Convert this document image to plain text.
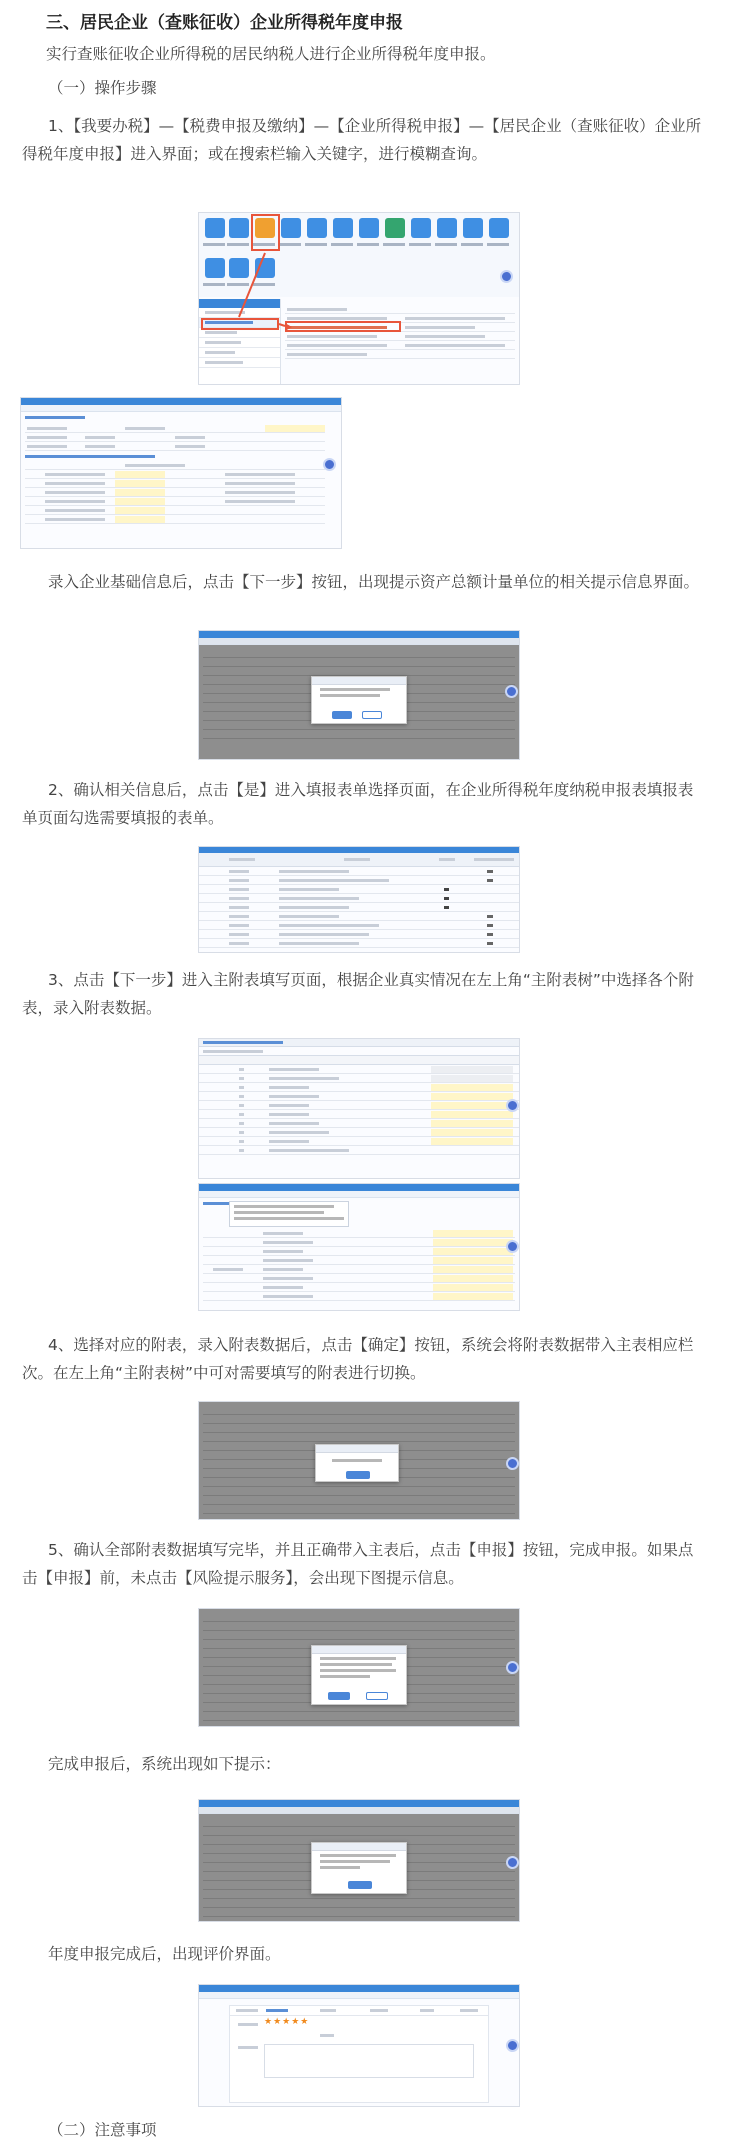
三、居民企业（查账征收）企业所得税年度申报
实行查账征收企业所得税的居民纳税人进行企业所得税年度申报。
（一）操作步骤
1、【我要办税】—【税费申报及缴纳】—【企业所得税申报】—【居民企业（查账征收）企业所得税年度申报】进入界面；或在搜索栏输入关键字，进行模糊查询。
录入企业基础信息后，点击【下一步】按钮，出现提示资产总额计量单位的相关提示信息界面。
2、确认相关信息后，点击【是】进入填报表单选择页面，在企业所得税年度纳税申报表填报表单页面勾选需要填报的表单。
3、点击【下一步】进入主附表填写页面，根据企业真实情况在左上角“主附表树”中选择各个附表，录入附表数据。
4、选择对应的附表，录入附表数据后，点击【确定】按钮，系统会将附表数据带入主表相应栏次。在左上角“主附表树”中可对需要填写的附表进行切换。
5、确认全部附表数据填写完毕，并且正确带入主表后，点击【申报】按钮，完成申报。如果点击【申报】前，未点击【风险提示服务】，会出现下图提示信息。
完成申报后，系统出现如下提示：
年度申报完成后，出现评价界面。
★★★★★
（二）注意事项
